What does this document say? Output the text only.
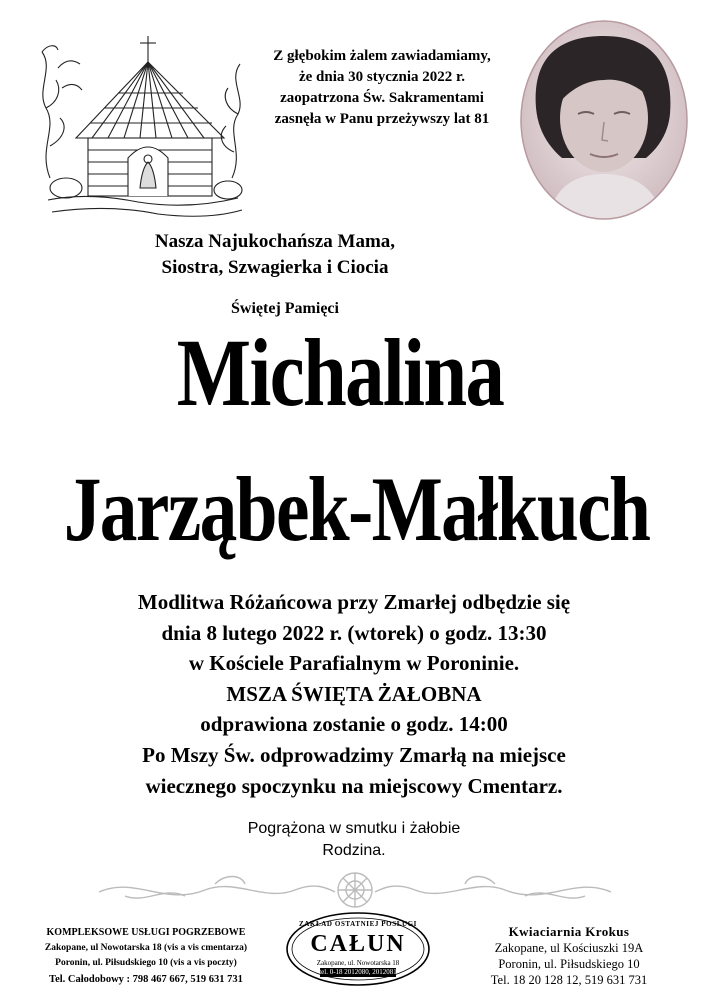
Z głębokim żalem zawiadamiamy,
że dnia 30 stycznia 2022 r.
zaopatrzona Św. Sakramentami
zasnęła w Panu przeżywszy lat 81
Nasza Najukochańsza Mama,
Siostra, Szwagierka i Ciocia
Świętej Pamięci
Michalina
Jarząbek-Małkuch
Modlitwa Różańcowa przy Zmarłej odbędzie się
dnia 8 lutego 2022 r. (wtorek) o godz. 13:30
w Kościele Parafialnym w Poroninie.
MSZA ŚWIĘTA ŻAŁOBNA
odprawiona zostanie o godz. 14:00
Po Mszy Św. odprowadzimy Zmarłą na miejsce
wiecznego spoczynku na miejscowy Cmentarz.
Pogrążona w smutku i żałobie
Rodzina.
KOMPLEKSOWE USŁUGI POGRZEBOWE
Zakopane, ul Nowotarska 18 (vis a vis cmentarza)
Poronin, ul. Piłsudskiego 10 (vis a vis poczty)
Tel. Całodobowy : 798 467 667, 519 631 731
ZAKŁAD OSTATNIEJ POSŁUGI
CAŁUN
Zakopane, ul. Nowotarska 18
tel. 0-18 2012080, 2012081
Kwiaciarnia Krokus
Zakopane, ul Kościuszki 19A
Poronin, ul. Piłsudskiego 10
Tel. 18 20 128 12, 519 631 731
